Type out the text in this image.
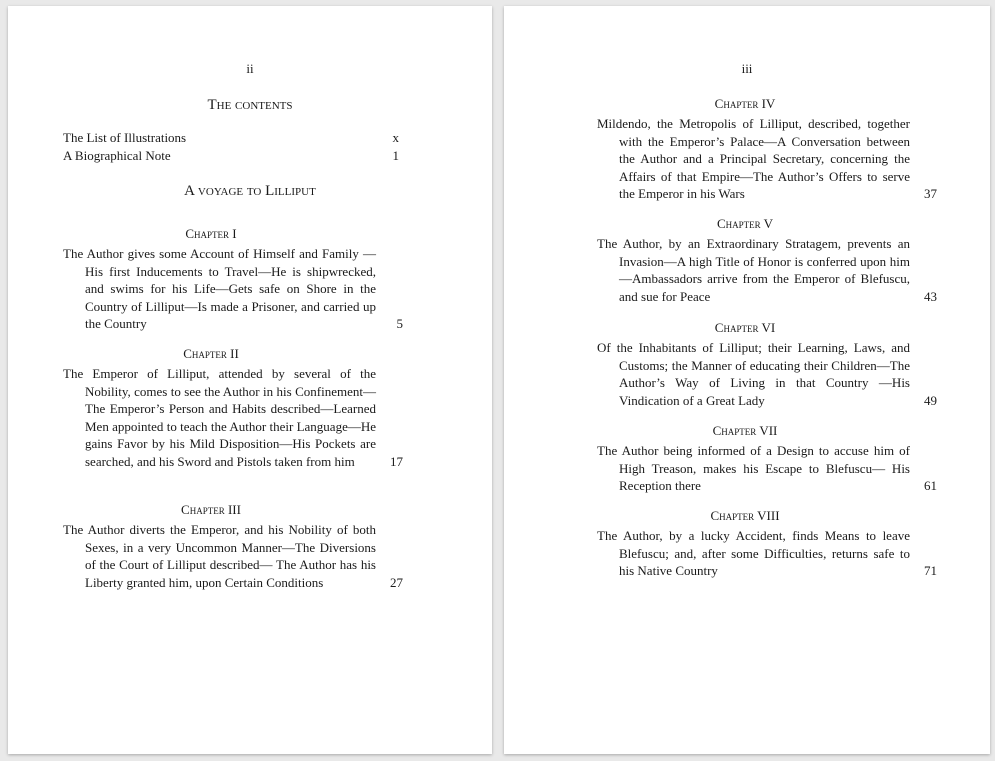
ii
The contents
The List of Illustrations	x
A Biographical Note	1
A voyage to Lilliput
Chapter I
The Author gives some Account of Himself and Family —His first Inducements to Travel—He is shipwrecked, and swims for his Life—Gets safe on Shore in the Country of Lilliput—Is made a Prisoner, and carried up the Country	5
Chapter II
The Emperor of Lilliput, attended by several of the Nobility, comes to see the Author in his Confinement—The Emperor’s Person and Habits described—Learned Men appointed to teach the Author their Language—He gains Favor by his Mild Disposition—His Pockets are searched, and his Sword and Pistols taken from him	17
Chapter III
The Author diverts the Emperor, and his Nobility of both Sexes, in a very Uncommon Manner—The Diversions of the Court of Lilliput described— The Author has his Liberty granted him, upon Certain Conditions	27
iii
Chapter IV
Mildendo, the Metropolis of Lilliput, described, together with the Emperor’s Palace—A Conversation between the Author and a Principal Secretary, concerning the Affairs of that Empire—The Author’s Offers to serve the Emperor in his Wars	37
Chapter V
The Author, by an Extraordinary Stratagem, prevents an Invasion—A high Title of Honor is conferred upon him—Ambassadors arrive from the Emperor of Blefuscu, and sue for Peace	43
Chapter VI
Of the Inhabitants of Lilliput; their Learning, Laws, and Customs; the Manner of educating their Children—The Author’s Way of Living in that Country —His Vindication of a Great Lady	49
Chapter VII
The Author being informed of a Design to accuse him of High Treason, makes his Escape to Blefuscu— His Reception there	61
Chapter VIII
The Author, by a lucky Accident, finds Means to leave Blefuscu; and, after some Difficulties, returns safe to his Native Country	71
